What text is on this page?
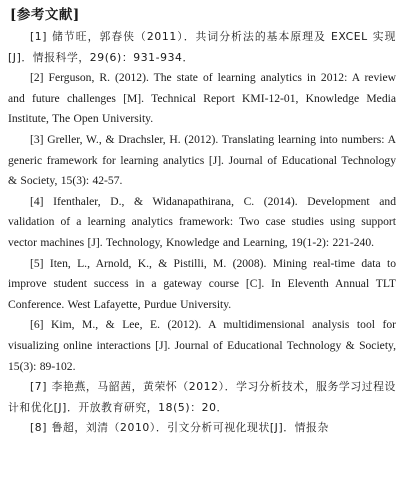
[参考文献]

[1] 储节旺，郭春侠（2011）．共词分析法的基本原理及 EXCEL 实现[J]．情报科学，29(6)：931-934．

[2] Ferguson, R. (2012). The state of learning analytics in 2012: A review and future challenges [M]. Technical Report KMI-12-01, Knowledge Media Institute, The Open University.

[3] Greller, W., & Drachsler, H. (2012). Translating learning into numbers: A generic framework for learning analytics [J]. Journal of Educational Technology & Society, 15(3): 42-57.

[4] Ifenthaler, D., & Widanapathirana, C. (2014). Development and validation of a learning analytics framework: Two case studies using support vector machines [J]. Technology, Knowledge and Learning, 19(1-2): 221-240.

[5] Iten, L., Arnold, K., & Pistilli, M. (2008). Mining real-time data to improve student success in a gateway course [C]. In Eleventh Annual TLT Conference. West Lafayette, Purdue University.

[6] Kim, M., & Lee, E. (2012). A multidimensional analysis tool for visualizing online interactions [J]. Journal of Educational Technology & Society, 15(3): 89-102.

[7] 李艳燕，马韶茜，黄荣怀（2012）．学习分析技术，服务学习过程设计和优化[J]．开放教育研究，18(5)：20．

[8] 鲁超，刘清（2010）．引文分析可视化现状[J]．情报杂
